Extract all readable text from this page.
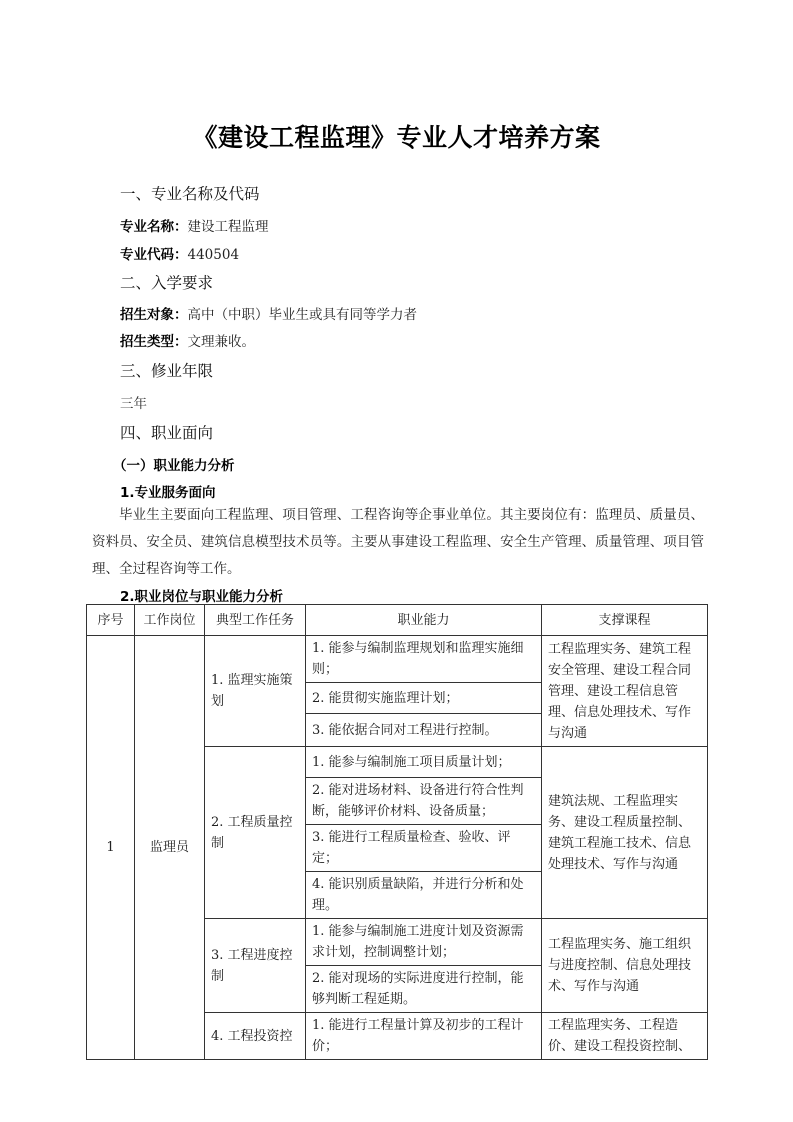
《建设工程监理》专业人才培养方案
一、专业名称及代码
专业名称：建设工程监理
专业代码：440504
二、入学要求
招生对象：高中（中职）毕业生或具有同等学力者
招生类型：文理兼收。
三、修业年限
三年
四、职业面向
（一）职业能力分析
1.专业服务面向
毕业生主要面向工程监理、项目管理、工程咨询等企事业单位。其主要岗位有：监理员、质量员、资料员、安全员、建筑信息模型技术员等。主要从事建设工程监理、安全生产管理、质量管理、项目管理、全过程咨询等工作。
2.职业岗位与职业能力分析
序号	工作岗位	典型工作任务	职业能力	支撑课程
1	监理员	1. 监理实施策划	1. 能参与编制监理规划和监理实施细则；	工程监理实务、建筑工程安全管理、建设工程合同管理、建设工程信息管理、信息处理技术、写作与沟通
			2. 能贯彻实施监理计划；	
			3. 能依据合同对工程进行控制。	
		2. 工程质量控制	1. 能参与编制施工项目质量计划；	建筑法规、工程监理实务、建设工程质量控制、建筑工程施工技术、信息处理技术、写作与沟通
			2. 能对进场材料、设备进行符合性判断，能够评价材料、设备质量；	
			3. 能进行工程质量检查、验收、评定；	
			4. 能识别质量缺陷，并进行分析和处理。	
		3. 工程进度控制	1. 能参与编制施工进度计划及资源需求计划，控制调整计划；	工程监理实务、施工组织与进度控制、信息处理技术、写作与沟通
			2. 能对现场的实际进度进行控制，能够判断工程延期。	
		4. 工程投资控	1. 能进行工程量计算及初步的工程计价；	工程监理实务、工程造价、建设工程投资控制、
